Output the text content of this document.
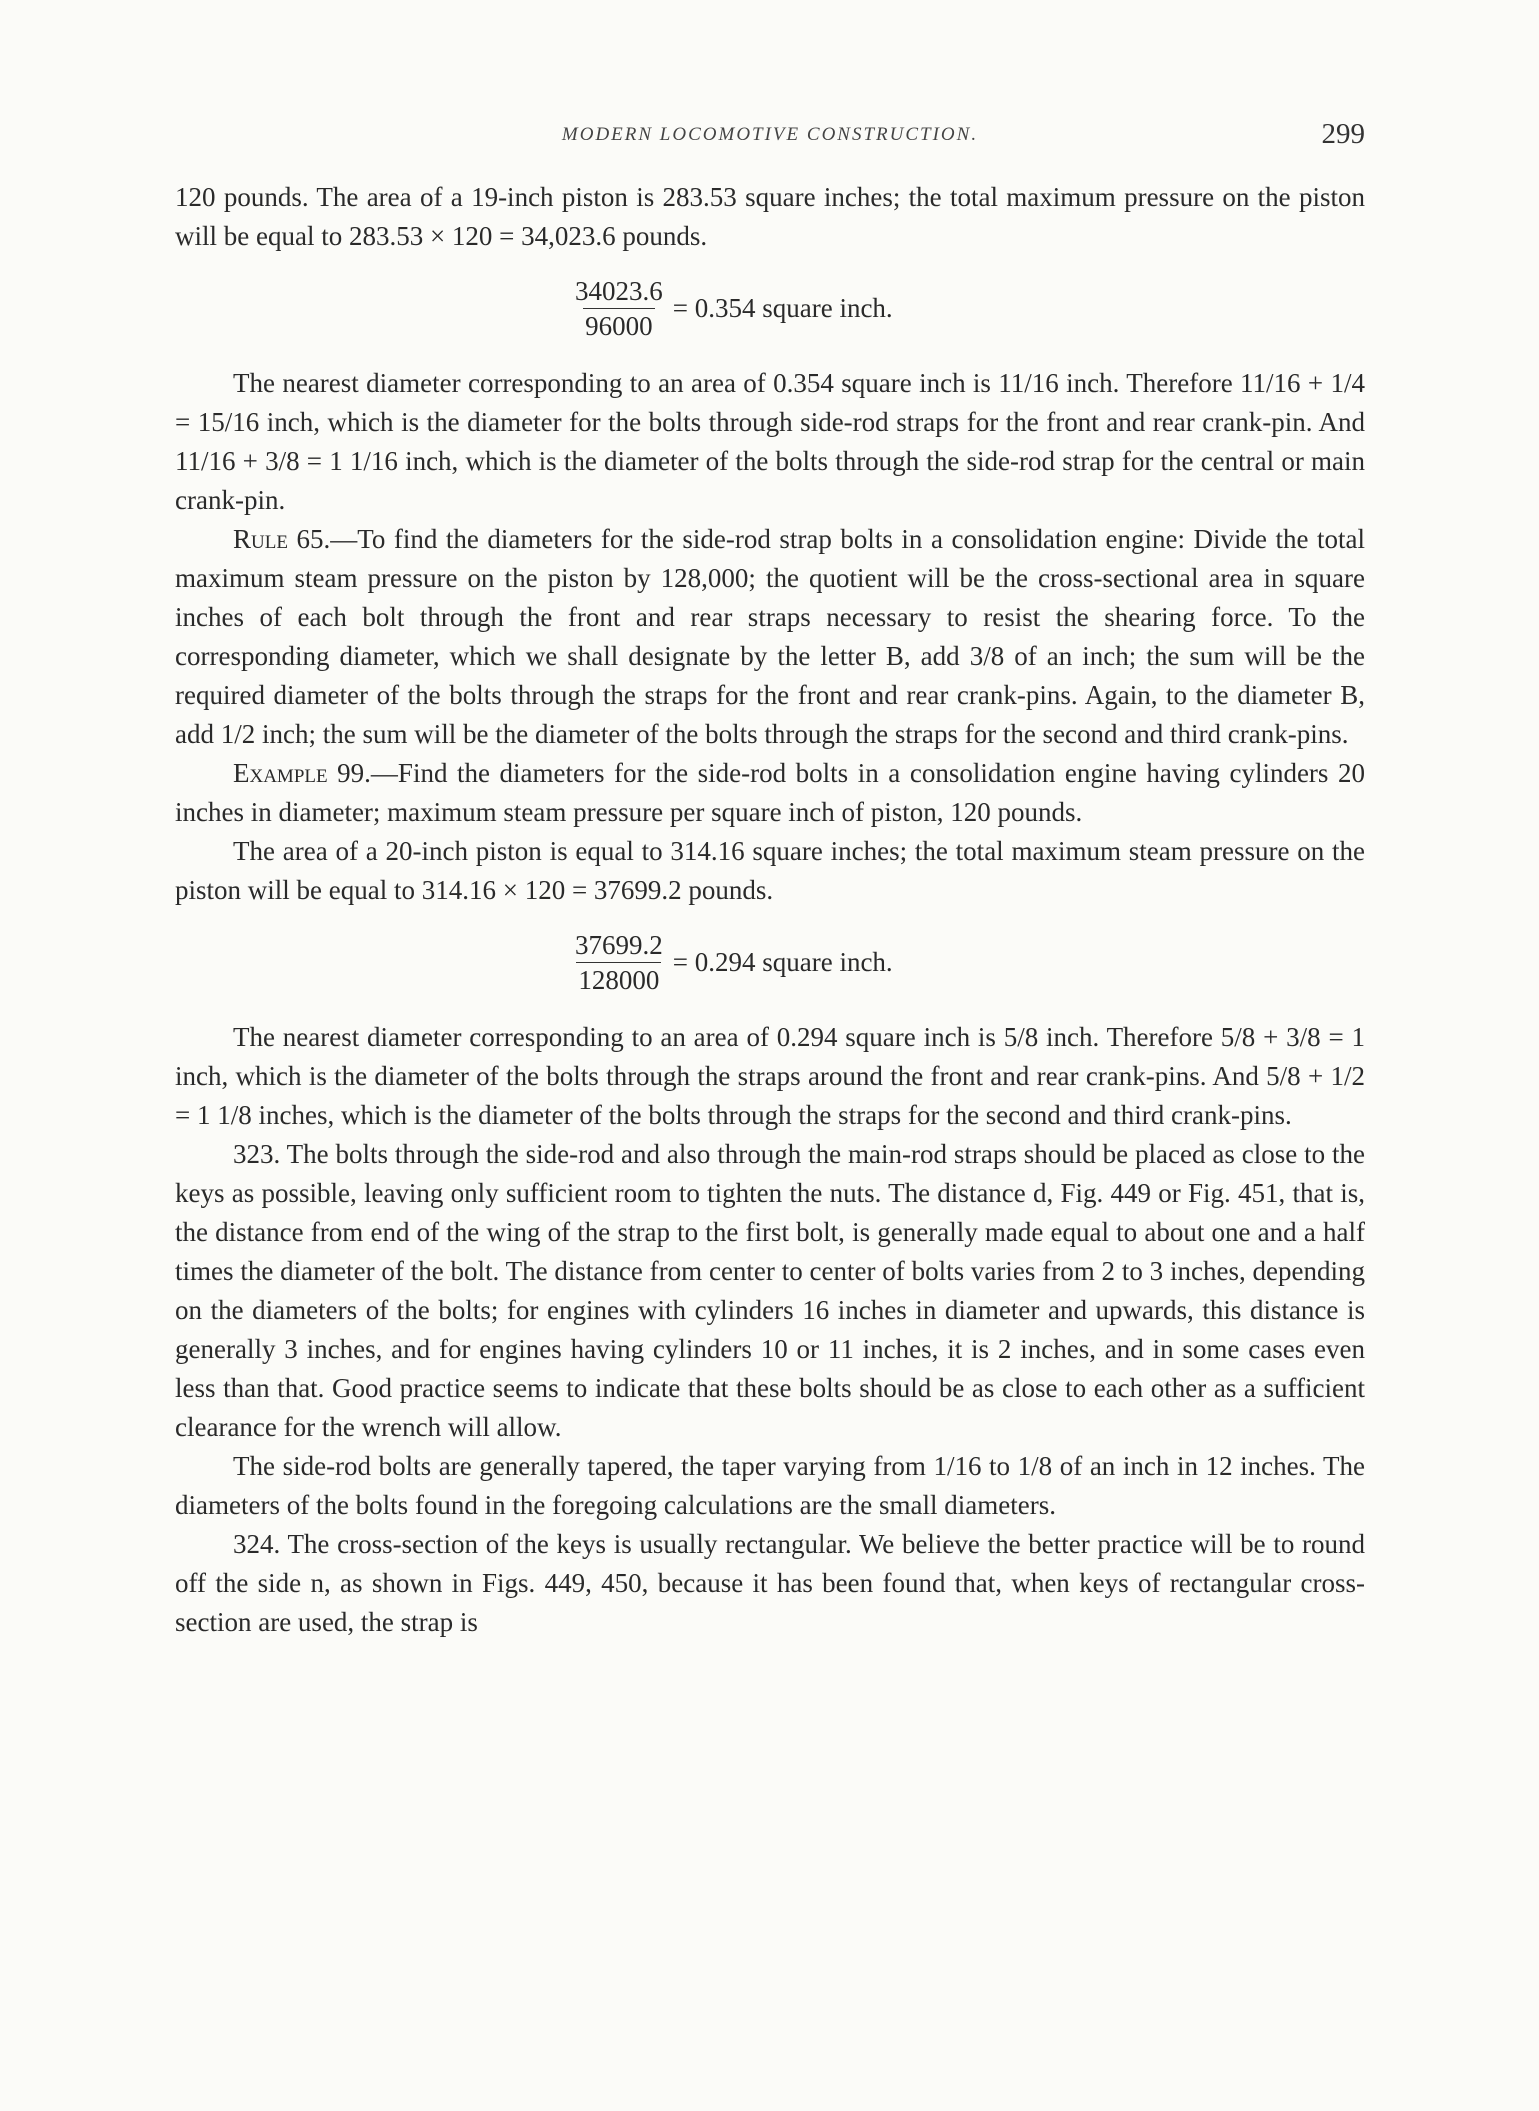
MODERN LOCOMOTIVE CONSTRUCTION.	299

120 pounds. The area of a 19-inch piston is 283.53 square inches; the total maximum pressure on the piston will be equal to 283.53 × 120 = 34,023.6 pounds.

$\frac{34023.6}{96000} = 0.354$ square inch.

The nearest diameter corresponding to an area of 0.354 square inch is 11/16 inch. Therefore 11/16 + 1/4 = 15/16 inch, which is the diameter for the bolts through side-rod straps for the front and rear crank-pin. And 11/16 + 3/8 = 1 1/16 inch, which is the diameter of the bolts through the side-rod strap for the central or main crank-pin.

Rule 65.—To find the diameters for the side-rod strap bolts in a consolidation engine: Divide the total maximum steam pressure on the piston by 128,000; the quotient will be the cross-sectional area in square inches of each bolt through the front and rear straps necessary to resist the shearing force. To the corresponding diameter, which we shall designate by the letter B, add 3/8 of an inch; the sum will be the required diameter of the bolts through the straps for the front and rear crank-pins. Again, to the diameter B, add 1/2 inch; the sum will be the diameter of the bolts through the straps for the second and third crank-pins.

Example 99.—Find the diameters for the side-rod bolts in a consolidation engine having cylinders 20 inches in diameter; maximum steam pressure per square inch of piston, 120 pounds.

The area of a 20-inch piston is equal to 314.16 square inches; the total maximum steam pressure on the piston will be equal to 314.16 × 120 = 37699.2 pounds.

$\frac{37699.2}{128000} = 0.294$ square inch.

The nearest diameter corresponding to an area of 0.294 square inch is 5/8 inch. Therefore 5/8 + 3/8 = 1 inch, which is the diameter of the bolts through the straps around the front and rear crank-pins. And 5/8 + 1/2 = 1 1/8 inches, which is the diameter of the bolts through the straps for the second and third crank-pins.

323. The bolts through the side-rod and also through the main-rod straps should be placed as close to the keys as possible, leaving only sufficient room to tighten the nuts. The distance d, Fig. 449 or Fig. 451, that is, the distance from end of the wing of the strap to the first bolt, is generally made equal to about one and a half times the diameter of the bolt. The distance from center to center of bolts varies from 2 to 3 inches, depending on the diameters of the bolts; for engines with cylinders 16 inches in diameter and upwards, this distance is generally 3 inches, and for engines having cylinders 10 or 11 inches, it is 2 inches, and in some cases even less than that. Good practice seems to indicate that these bolts should be as close to each other as a sufficient clearance for the wrench will allow.

The side-rod bolts are generally tapered, the taper varying from 1/16 to 1/8 of an inch in 12 inches. The diameters of the bolts found in the foregoing calculations are the small diameters.

324. The cross-section of the keys is usually rectangular. We believe the better practice will be to round off the side n, as shown in Figs. 449, 450, because it has been found that, when keys of rectangular cross-section are used, the strap is
